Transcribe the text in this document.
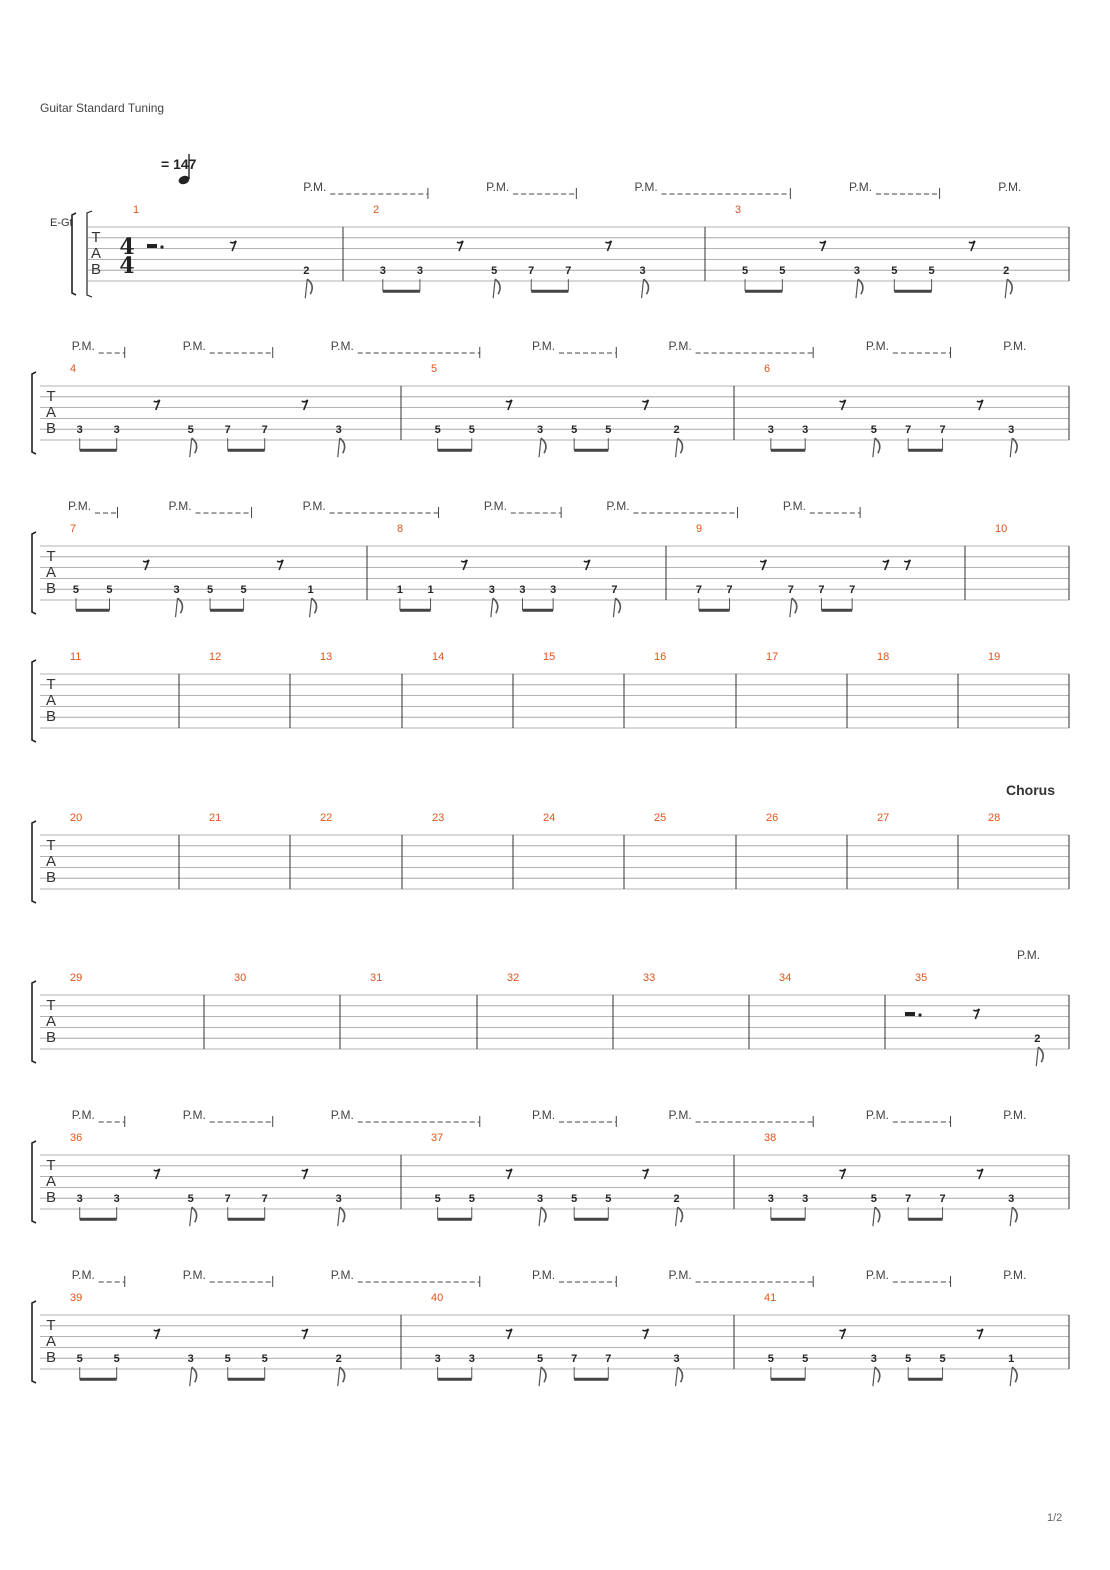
Guitar Standard Tuning
= 147
E-Gt
Chorus
T
A
B
4
4
1
2
2
3	3	5	7	7	3
3
5	5	3	5	5	2
P.M.	P.M.	P.M.	P.M.	P.M.
T
A
B
4
3	3	5	7	7	3
5
5	5	3	5	5	2
6
3	3	5	7	7	3
P.M.	P.M.	P.M.	P.M.	P.M.	P.M.	P.M.
T
A
B
7
5 5	3 5 5	1
8
1 1	3 3 3	7
9
7 7	7 7 7
10
P.M.	P.M.	P.M.	P.M.	P.M.	P.M.
T
A
B
11	12	13	14	15	16	17	18	19
T
A
B
20	21	22	23	24	25	26	27	28
T
A
B
29	30	31	32	33	34	35
2
P.M.
T
A
B
36
3	3	5	7	7	3
37
5	5	3	5	5	2
38
3	3	5	7	7	3
P.M.	P.M.	P.M.	P.M.	P.M.	P.M.	P.M.
T
A
B
39
5	5	3	5	5	2
40
3	3	5	7	7	3
41
5	5	3	5	5	1
P.M.	P.M.	P.M.	P.M.	P.M.	P.M.	P.M.
1/2
